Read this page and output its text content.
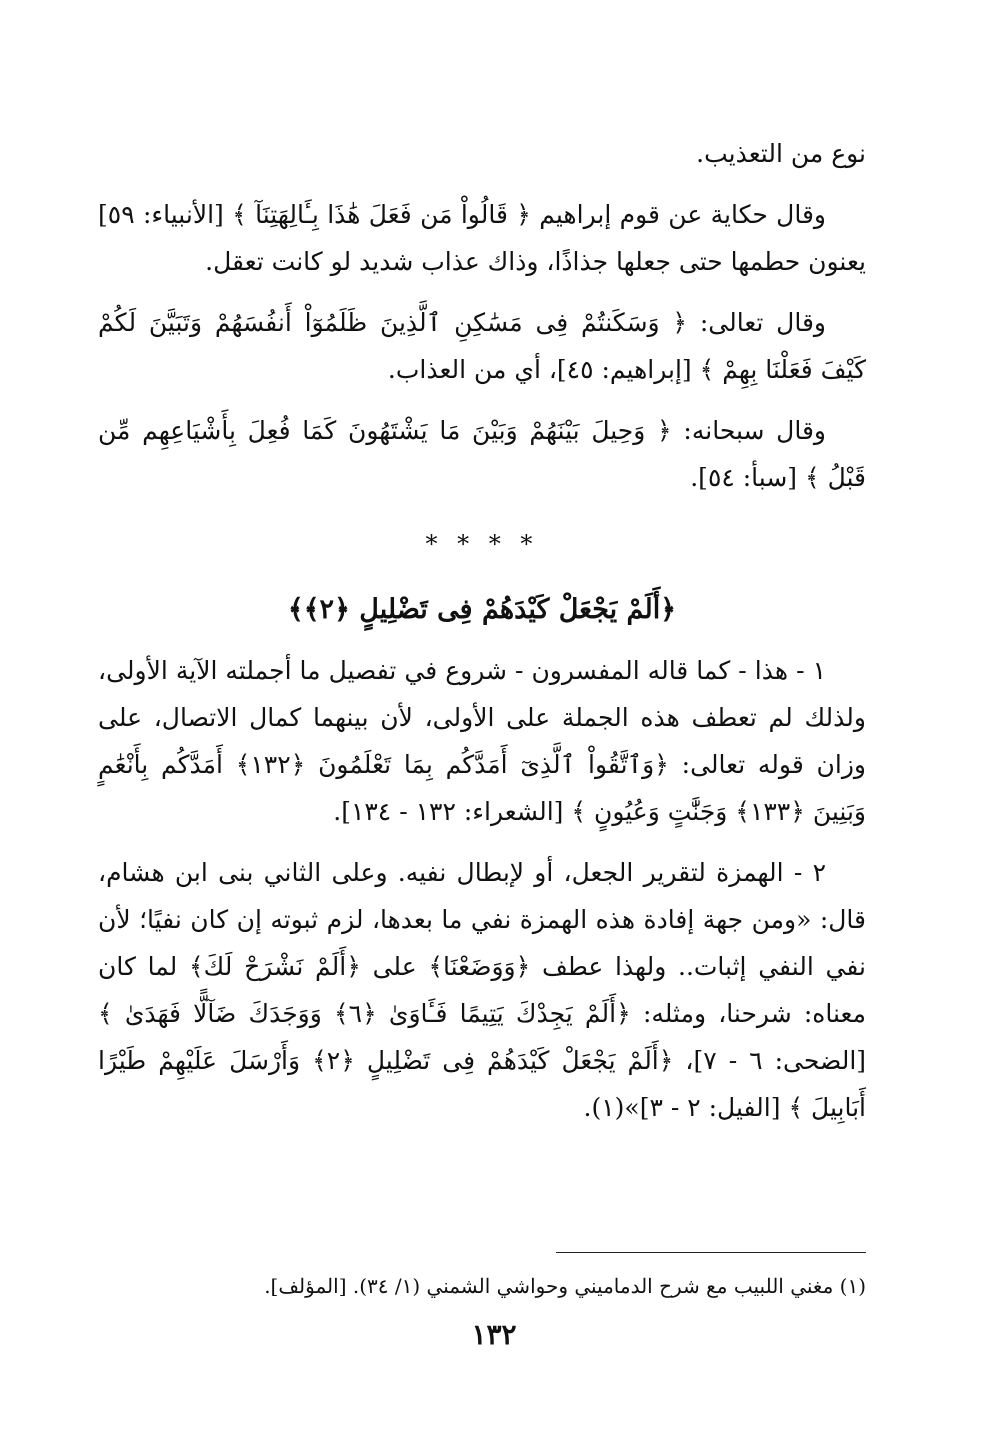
نوع من التعذيب.

وقال حكاية عن قوم إبراهيم ﴿ قَالُواْ مَن فَعَلَ هَٰذَا بِـَٔالِهَتِنَآ ﴾ [الأنبياء: ٥٩] يعنون حطمها حتى جعلها جذاذًا، وذاك عذاب شديد لو كانت تعقل.

وقال تعالى: ﴿ وَسَكَنتُمْ فِى مَسَٰكِنِ ٱلَّذِينَ ظَلَمُوٓاْ أَنفُسَهُمْ وَتَبَيَّنَ لَكُمْ كَيْفَ فَعَلْنَا بِهِمْ ﴾ [إبراهيم: ٤٥]، أي من العذاب.

وقال سبحانه: ﴿ وَحِيلَ بَيْنَهُمْ وَبَيْنَ مَا يَشْتَهُونَ كَمَا فُعِلَ بِأَشْيَاعِهِم مِّن قَبْلُ ﴾ [سبأ: ٥٤].

* * * *
﴿أَلَمْ يَجْعَلْ كَيْدَهُمْ فِى تَضْلِيلٍ ﴿٢﴾﴾

١ - هذا - كما قاله المفسرون - شروع في تفصيل ما أجملته الآية الأولى، ولذلك لم تعطف هذه الجملة على الأولى، لأن بينهما كمال الاتصال، على وزان قوله تعالى: ﴿وَٱتَّقُواْ ٱلَّذِىٓ أَمَدَّكُم بِمَا تَعْلَمُونَ ﴿١٣٢﴾ أَمَدَّكُم بِأَنْعَٰمٍ وَبَنِينَ ﴿١٣٣﴾ وَجَنَّٰتٍ وَعُيُونٍ ﴾ [الشعراء: ١٣٢ - ١٣٤].

٢ - الهمزة لتقرير الجعل، أو لإبطال نفيه. وعلى الثاني بنى ابن هشام، قال: «ومن جهة إفادة هذه الهمزة نفي ما بعدها، لزم ثبوته إن كان نفيًا؛ لأن نفي النفي إثبات.. ولهذا عطف ﴿وَوَضَعْنَا﴾ على ﴿أَلَمْ نَشْرَحْ لَكَ﴾ لما كان معناه: شرحنا، ومثله: ﴿أَلَمْ يَجِدْكَ يَتِيمًا فَـَٔاوَىٰ ﴿٦﴾ وَوَجَدَكَ ضَآلًّا فَهَدَىٰ ﴾ [الضحى: ٦ - ٧]، ﴿أَلَمْ يَجْعَلْ كَيْدَهُمْ فِى تَضْلِيلٍ ﴿٢﴾ وَأَرْسَلَ عَلَيْهِمْ طَيْرًا أَبَابِيلَ ﴾ [الفيل: ٢ - ٣]»(١).

(١) مغني اللبيب مع شرح الدماميني وحواشي الشمني (١/ ٣٤). [المؤلف].
١٣٢
